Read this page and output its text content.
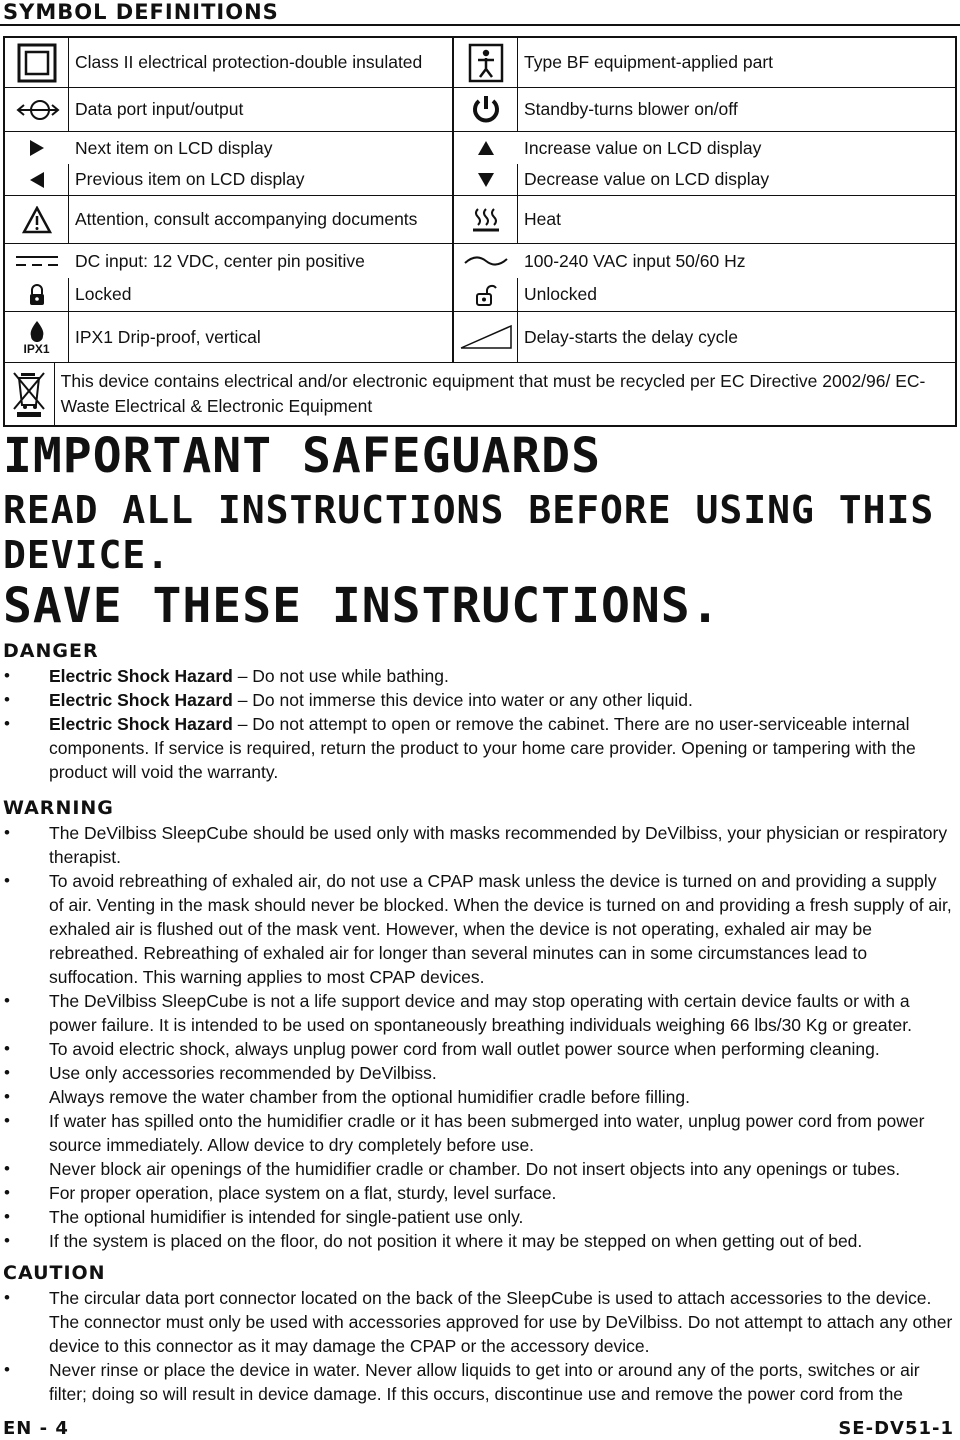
SYMBOL DEFINITIONS
Class II electrical protection-double insulated	Type BF equipment-applied part
Data port input/output	Standby-turns blower on/off
Next item on LCD display	Increase value on LCD display
Previous item on LCD display	Decrease value on LCD display
Attention, consult accompanying documents	Heat
DC input: 12 VDC, center pin positive	100-240 VAC input 50/60 Hz
Locked	Unlocked
IPX1
IPX1 Drip-proof, vertical	Delay-starts the delay cycle
This device contains electrical and/or electronic equipment that must be recycled per EC Directive 2002/96/ EC-Waste Electrical & Electronic Equipment
IMPORTANT SAFEGUARDS
READ ALL INSTRUCTIONS BEFORE USING THIS DEVICE.
SAVE THESE INSTRUCTIONS.
DANGER
• Electric Shock Hazard – Do not use while bathing.
• Electric Shock Hazard – Do not immerse this device into water or any other liquid.
• Electric Shock Hazard – Do not attempt to open or remove the cabinet. There are no user-serviceable internal components. If service is required, return the product to your home care provider. Opening or tampering with the product will void the warranty.
WARNING
• The DeVilbiss SleepCube should be used only with masks recommended by DeVilbiss, your physician or respiratory therapist.
• To avoid rebreathing of exhaled air, do not use a CPAP mask unless the device is turned on and providing a supply of air. Venting in the mask should never be blocked. When the device is turned on and providing a fresh supply of air, exhaled air is flushed out of the mask vent. However, when the device is not operating, exhaled air may be rebreathed. Rebreathing of exhaled air for longer than several minutes can in some circumstances lead to suffocation. This warning applies to most CPAP devices.
• The DeVilbiss SleepCube is not a life support device and may stop operating with certain device faults or with a power failure. It is intended to be used on spontaneously breathing individuals weighing 66 lbs/30 Kg or greater.
• To avoid electric shock, always unplug power cord from wall outlet power source when performing cleaning.
• Use only accessories recommended by DeVilbiss.
• Always remove the water chamber from the optional humidifier cradle before filling.
• If water has spilled onto the humidifier cradle or it has been submerged into water, unplug power cord from power source immediately. Allow device to dry completely before use.
• Never block air openings of the humidifier cradle or chamber. Do not insert objects into any openings or tubes.
• For proper operation, place system on a flat, sturdy, level surface.
• The optional humidifier is intended for single-patient use only.
• If the system is placed on the floor, do not position it where it may be stepped on when getting out of bed.
CAUTION
• The circular data port connector located on the back of the SleepCube is used to attach accessories to the device. The connector must only be used with accessories approved for use by DeVilbiss. Do not attempt to attach any other device to this connector as it may damage the CPAP or the accessory device.
• Never rinse or place the device in water. Never allow liquids to get into or around any of the ports, switches or air filter; doing so will result in device damage. If this occurs, discontinue use and remove the power cord from the
EN - 4	SE-DV51-1
